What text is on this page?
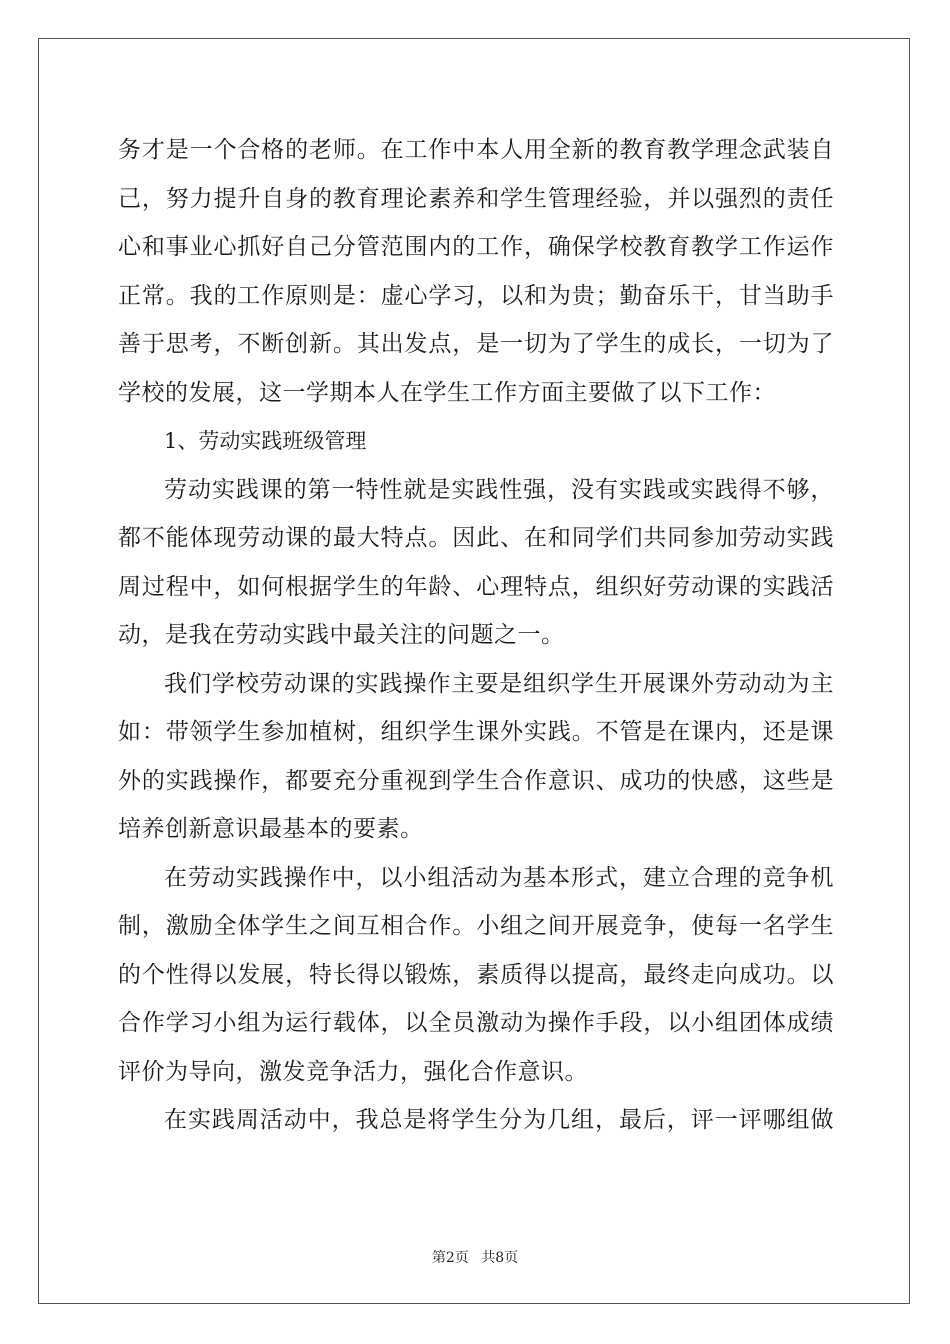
务才是一个合格的老师。在工作中本人用全新的教育教学理念武装自
己，努力提升自身的教育理论素养和学生管理经验，并以强烈的责任
心和事业心抓好自己分管范围内的工作，确保学校教育教学工作运作
正常。我的工作原则是：虚心学习，以和为贵；勤奋乐干，甘当助手
善于思考，不断创新。其出发点，是一切为了学生的成长，一切为了
学校的发展，这一学期本人在学生工作方面主要做了以下工作：
1、劳动实践班级管理
劳动实践课的第一特性就是实践性强，没有实践或实践得不够，
都不能体现劳动课的最大特点。因此、在和同学们共同参加劳动实践
周过程中，如何根据学生的年龄、心理特点，组织好劳动课的实践活
动，是我在劳动实践中最关注的问题之一。
我们学校劳动课的实践操作主要是组织学生开展课外劳动动为主
如：带领学生参加植树，组织学生课外实践。不管是在课内，还是课
外的实践操作，都要充分重视到学生合作意识、成功的快感，这些是
培养创新意识最基本的要素。
在劳动实践操作中，以小组活动为基本形式，建立合理的竞争机
制，激励全体学生之间互相合作。小组之间开展竞争，使每一名学生
的个性得以发展，特长得以锻炼，素质得以提高，最终走向成功。以
合作学习小组为运行载体，以全员激动为操作手段，以小组团体成绩
评价为导向，激发竞争活力，强化合作意识。
在实践周活动中，我总是将学生分为几组，最后，评一评哪组做
第2页 共8页
